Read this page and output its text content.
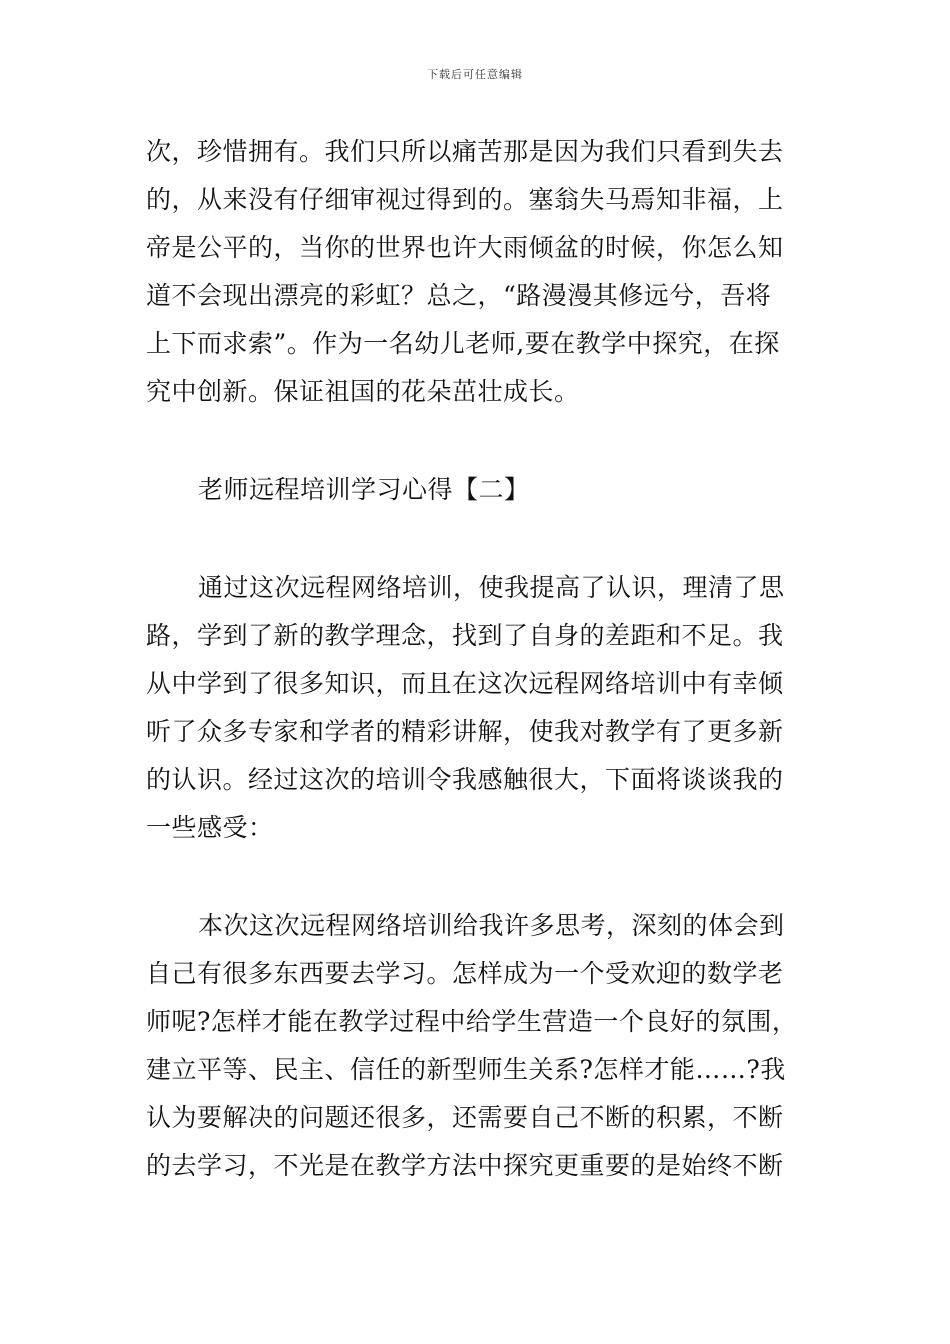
下载后可任意编辑
次，珍惜拥有。我们只所以痛苦那是因为我们只看到失去
的，从来没有仔细审视过得到的。塞翁失马焉知非福，上
帝是公平的，当你的世界也许大雨倾盆的时候，你怎么知
道不会现出漂亮的彩虹？总之，“路漫漫其修远兮，吾将
上下而求索”。作为一名幼儿老师,要在教学中探究，在探
究中创新。保证祖国的花朵茁壮成长。
老师远程培训学习心得【二】
通过这次远程网络培训，使我提高了认识，理清了思
路，学到了新的教学理念，找到了自身的差距和不足。我
从中学到了很多知识，而且在这次远程网络培训中有幸倾
听了众多专家和学者的精彩讲解，使我对教学有了更多新
的认识。经过这次的培训令我感触很大，下面将谈谈我的
一些感受：
本次这次远程网络培训给我许多思考，深刻的体会到
自己有很多东西要去学习。怎样成为一个受欢迎的数学老
师呢?怎样才能在教学过程中给学生营造一个良好的氛围，
建立平等、民主、信任的新型师生关系?怎样才能……?我
认为要解决的问题还很多，还需要自己不断的积累，不断
的去学习，不光是在教学方法中探究更重要的是始终不断
